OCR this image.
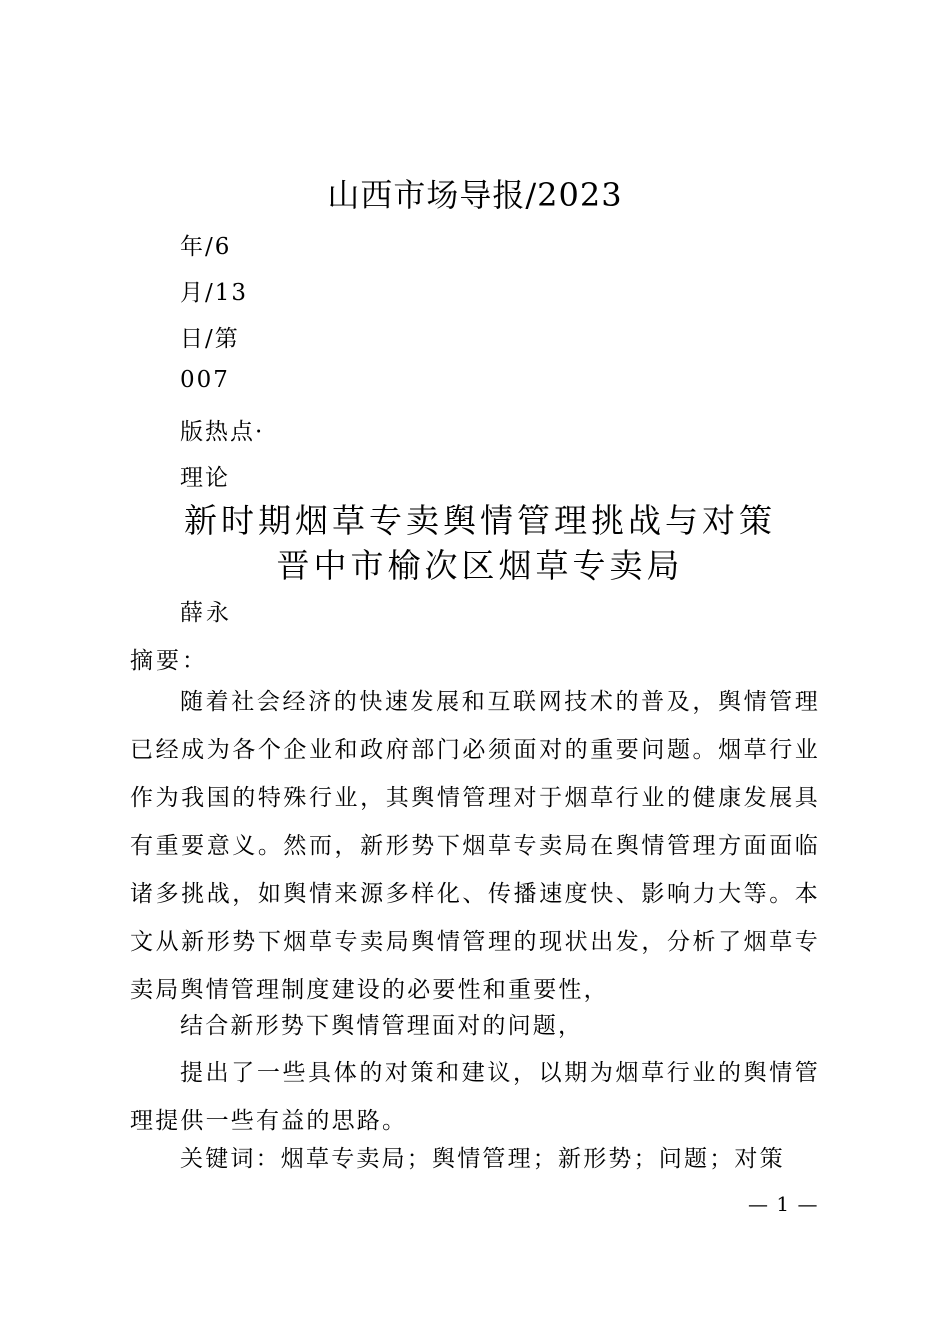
山西市场导报/2023
年/6
月/13
日/第
007
版热点·
理论
新时期烟草专卖舆情管理挑战与对策
晋中市榆次区烟草专卖局
薛永
摘要：

随着社会经济的快速发展和互联网技术的普及，舆情管理已经成为各个企业和政府部门必须面对的重要问题。烟草行业作为我国的特殊行业，其舆情管理对于烟草行业的健康发展具有重要意义。然而，新形势下烟草专卖局在舆情管理方面面临诸多挑战，如舆情来源多样化、传播速度快、影响力大等。本文从新形势下烟草专卖局舆情管理的现状出发，分析了烟草专卖局舆情管理制度建设的必要性和重要性，

结合新形势下舆情管理面对的问题，

提出了一些具体的对策和建议，以期为烟草行业的舆情管理提供一些有益的思路。

关键词：烟草专卖局；舆情管理；新形势；问题；对策
— 1 —
